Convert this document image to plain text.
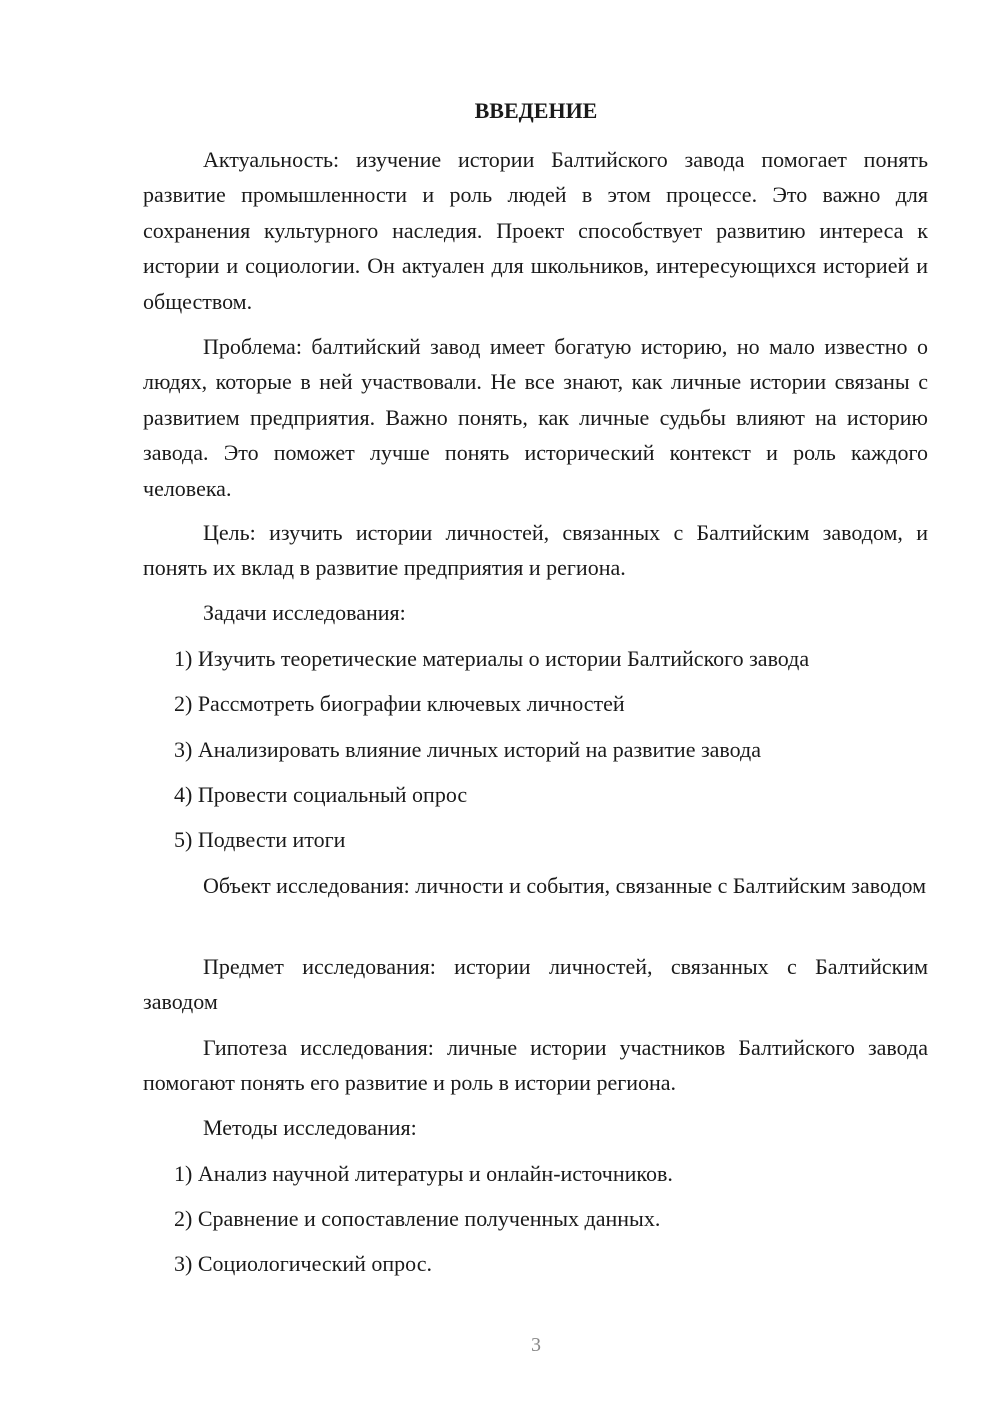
ВВЕДЕНИЕ

Актуальность: изучение истории Балтийского завода помогает понять развитие промышленности и роль людей в этом процессе. Это важно для сохранения культурного наследия. Проект способствует развитию интереса к истории и социологии. Он актуален для школьников, интересующихся историей и обществом.

Проблема: балтийский завод имеет богатую историю, но мало известно о людях, которые в ней участвовали. Не все знают, как личные истории связаны с развитием предприятия. Важно понять, как личные судьбы влияют на историю завода. Это поможет лучше понять исторический контекст и роль каждого человека.

Цель: изучить истории личностей, связанных с Балтийским заводом, и понять их вклад в развитие предприятия и региона.

Задачи исследования:
1) Изучить теоретические материалы о истории Балтийского завода
2) Рассмотреть биографии ключевых личностей
3) Анализировать влияние личных историй на развитие завода
4) Провести социальный опрос
5) Подвести итоги

Объект исследования: личности и события, связанные с Балтийским заводом

Предмет исследования: истории личностей, связанных с Балтийским заводом

Гипотеза исследования: личные истории участников Балтийского завода помогают понять его развитие и роль в истории региона.

Методы исследования:
1) Анализ научной литературы и онлайн-источников.
2) Сравнение и сопоставление полученных данных.
3) Социологический опрос.
3
